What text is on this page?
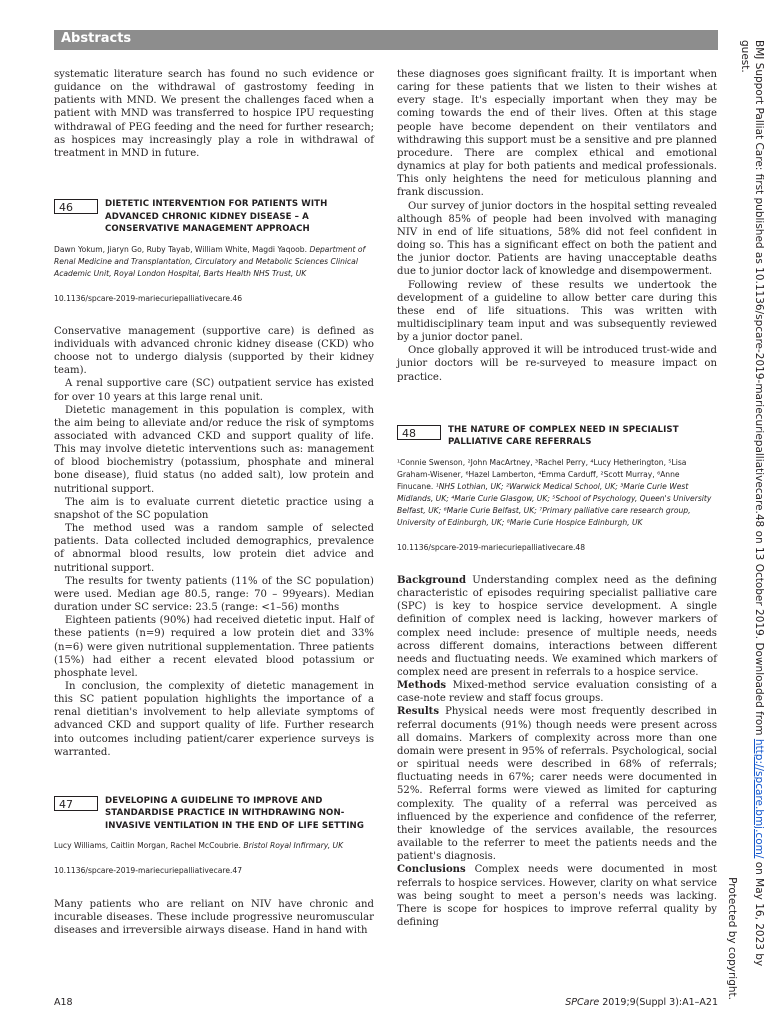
Abstracts

systematic literature search has found no such evidence or guidance on the withdrawal of gastrostomy feeding in patients with MND. We present the challenges faced when a patient with MND was transferred to hospice IPU requesting withdrawal of PEG feeding and the need for further research; as hospices may increasingly play a role in withdrawal of treatment in MND in future.

46	DIETETIC INTERVENTION FOR PATIENTS WITH ADVANCED CHRONIC KIDNEY DISEASE – A CONSERVATIVE MANAGEMENT APPROACH
Dawn Yokum, Jiaryn Go, Ruby Tayab, William White, Magdi Yaqoob. Department of Renal Medicine and Transplantation, Circulatory and Metabolic Sciences Clinical Academic Unit, Royal London Hospital, Barts Health NHS Trust, UK
10.1136/spcare-2019-mariecuriepalliativecare.46

Conservative management (supportive care) is defined as individuals with advanced chronic kidney disease (CKD) who choose not to undergo dialysis (supported by their kidney team).

A renal supportive care (SC) outpatient service has existed for over 10 years at this large renal unit.

Dietetic management in this population is complex, with the aim being to alleviate and/or reduce the risk of symptoms associated with advanced CKD and support quality of life. This may involve dietetic interventions such as: management of blood biochemistry (potassium, phosphate and mineral bone disease), fluid status (no added salt), low protein and nutritional support.

The aim is to evaluate current dietetic practice using a snapshot of the SC population

The method used was a random sample of selected patients. Data collected included demographics, prevalence of abnormal blood results, low protein diet advice and nutritional support.

The results for twenty patients (11% of the SC population) were used. Median age 80.5, range: 70 – 99years). Median duration under SC service: 23.5 (range: <1–56) months

Eighteen patients (90%) had received dietetic input. Half of these patients (n=9) required a low protein diet and 33% (n=6) were given nutritional supplementation. Three patients (15%) had either a recent elevated blood potassium or phosphate level.

In conclusion, the complexity of dietetic management in this SC patient population highlights the importance of a renal dietitian's involvement to help alleviate symptoms of advanced CKD and support quality of life. Further research into outcomes including patient/carer experience surveys is warranted.

47	DEVELOPING A GUIDELINE TO IMPROVE AND STANDARDISE PRACTICE IN WITHDRAWING NON-INVASIVE VENTILATION IN THE END OF LIFE SETTING
Lucy Williams, Caitlin Morgan, Rachel McCoubrie. Bristol Royal Infirmary, UK
10.1136/spcare-2019-mariecuriepalliativecare.47

Many patients who are reliant on NIV have chronic and incurable diseases. These include progressive neuromuscular diseases and irreversible airways disease. Hand in hand with

these diagnoses goes significant frailty. It is important when caring for these patients that we listen to their wishes at every stage. It's especially important when they may be coming towards the end of their lives. Often at this stage people have become dependent on their ventilators and withdrawing this support must be a sensitive and pre planned procedure. There are complex ethical and emotional dynamics at play for both patients and medical professionals. This only heightens the need for meticulous planning and frank discussion.

Our survey of junior doctors in the hospital setting revealed although 85% of people had been involved with managing NIV in end of life situations, 58% did not feel confident in doing so. This has a significant effect on both the patient and the junior doctor. Patients are having unacceptable deaths due to junior doctor lack of knowledge and disempowerment.

Following review of these results we undertook the development of a guideline to allow better care during this these end of life situations. This was written with multidisciplinary team input and was subsequently reviewed by a junior doctor panel.

Once globally approved it will be introduced trust-wide and junior doctors will be re-surveyed to measure impact on practice.

48	THE NATURE OF COMPLEX NEED IN SPECIALIST PALLIATIVE CARE REFERRALS
¹Connie Swenson, ²John MacArtney, ³Rachel Perry, ⁴Lucy Hetherington, ⁵Lisa Graham-Wisener, ⁶Hazel Lamberton, ⁴Emma Carduff, ²Scott Murray, ⁶Anne Finucane. ¹NHS Lothian, UK; ²Warwick Medical School, UK; ³Marie Curie West Midlands, UK; ⁴Marie Curie Glasgow, UK; ⁵School of Psychology, Queen's University Belfast, UK; ⁶Marie Curie Belfast, UK; ⁷Primary palliative care research group, University of Edinburgh, UK; ⁸Marie Curie Hospice Edinburgh, UK
10.1136/spcare-2019-mariecuriepalliativecare.48

Background Understanding complex need as the defining characteristic of episodes requiring specialist palliative care (SPC) is key to hospice service development. A single definition of complex need is lacking, however markers of complex need include: presence of multiple needs, needs across different domains, interactions between different needs and fluctuating needs. We examined which markers of complex need are present in referrals to a hospice service.

Methods Mixed-method service evaluation consisting of a case-note review and staff focus groups.

Results Physical needs were most frequently described in referral documents (91%) though needs were present across all domains. Markers of complexity across more than one domain were present in 95% of referrals. Psychological, social or spiritual needs were described in 68% of referrals; fluctuating needs in 67%; carer needs were documented in 52%. Referral forms were viewed as limited for capturing complexity. The quality of a referral was perceived as influenced by the experience and confidence of the referrer, their knowledge of the services available, the resources available to the referrer to meet the patients needs and the patient's diagnosis.

Conclusions Complex needs were documented in most referrals to hospice services. However, clarity on what service was being sought to meet a person's needs was lacking. There is scope for hospices to improve referral quality by defining

BMJ Support Palliat Care: first published as 10.1136/spcare-2019-mariecuriepalliativecare.48 on 13 October 2019. Downloaded from http://spcare.bmj.com/ on May 16, 2023 by guest.
Protected by copyright.
A18	SPCare 2019;9(Suppl 3):A1–A21
